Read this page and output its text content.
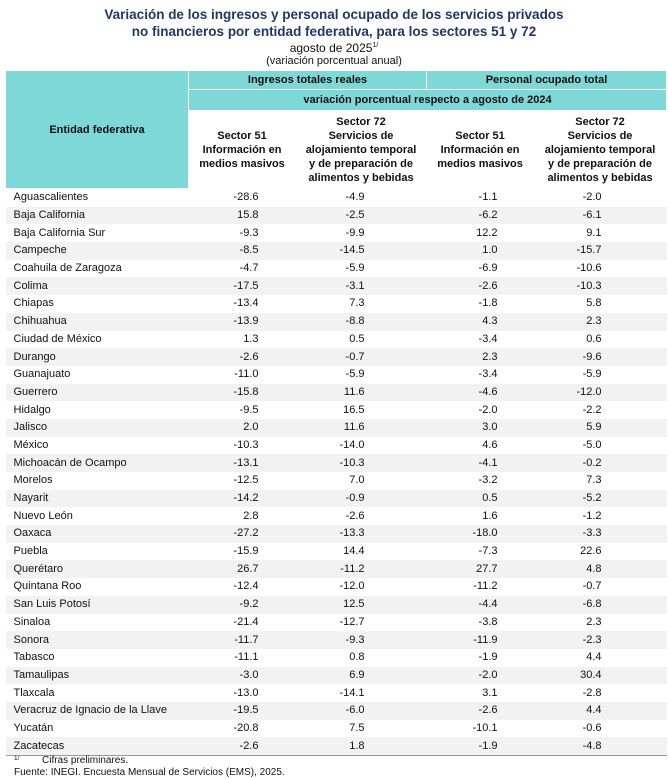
Variación de los ingresos y personal ocupado de los servicios privados
no financieros por entidad federativa, para los sectores 51 y 72
agosto de $2025^{1/}$
(variación porcentual anual)
Entidad federativa	Ingresos totales reales		Personal ocupado total	
	variación porcentual respecto a agosto de 2024			

	Sector 51
Información en
medios masivos	Sector 72
Servicios de
alojamiento temporal
y de preparación de
alimentos y bebidas	Sector 51
Información en
medios masivos	Sector 72
Servicios de
alojamiento temporal
y de preparación de
alimentos y bebidas

Aguascalientes	-28.6	-4.9	-1.1	-2.0
Baja California	15.8	-2.5	-6.2	-6.1
Baja California Sur	-9.3	-9.9	12.2	9.1
Campeche	-8.5	-14.5	1.0	-15.7
Coahuila de Zaragoza	-4.7	-5.9	-6.9	-10.6
Colima	-17.5	-3.1	-2.6	-10.3
Chiapas	-13.4	7.3	-1.8	5.8
Chihuahua	-13.9	-8.8	4.3	2.3
Ciudad de México	1.3	0.5	-3.4	0.6
Durango	-2.6	-0.7	2.3	-9.6
Guanajuato	-11.0	-5.9	-3.4	-5.9
Guerrero	-15.8	11.6	-4.6	-12.0
Hidalgo	-9.5	16.5	-2.0	-2.2
Jalisco	2.0	11.6	3.0	5.9
México	-10.3	-14.0	4.6	-5.0
Michoacán de Ocampo	-13.1	-10.3	-4.1	-0.2
Morelos	-12.5	7.0	-3.2	7.3
Nayarit	-14.2	-0.9	0.5	-5.2
Nuevo León	2.8	-2.6	1.6	-1.2
Oaxaca	-27.2	-13.3	-18.0	-3.3
Puebla	-15.9	14.4	-7.3	22.6
Querétaro	26.7	-11.2	27.7	4.8
Quintana Roo	-12.4	-12.0	-11.2	-0.7
San Luis Potosí	-9.2	12.5	-4.4	-6.8
Sinaloa	-21.4	-12.7	-3.8	2.3
Sonora	-11.7	-9.3	-11.9	-2.3
Tabasco	-11.1	0.8	-1.9	4.4
Tamaulipas	-3.0	6.9	-2.0	30.4
Tlaxcala	-13.0	-14.1	3.1	-2.8
Veracruz de Ignacio de la Llave	-19.5	-6.0	-2.6	4.4
Yucatán	-20.8	7.5	-10.1	-0.6
Zacatecas	-2.6	1.8	-1.9	-4.8
1/ Cifras preliminares.
Fuente: INEGI. Encuesta Mensual de Servicios (EMS), 2025.
